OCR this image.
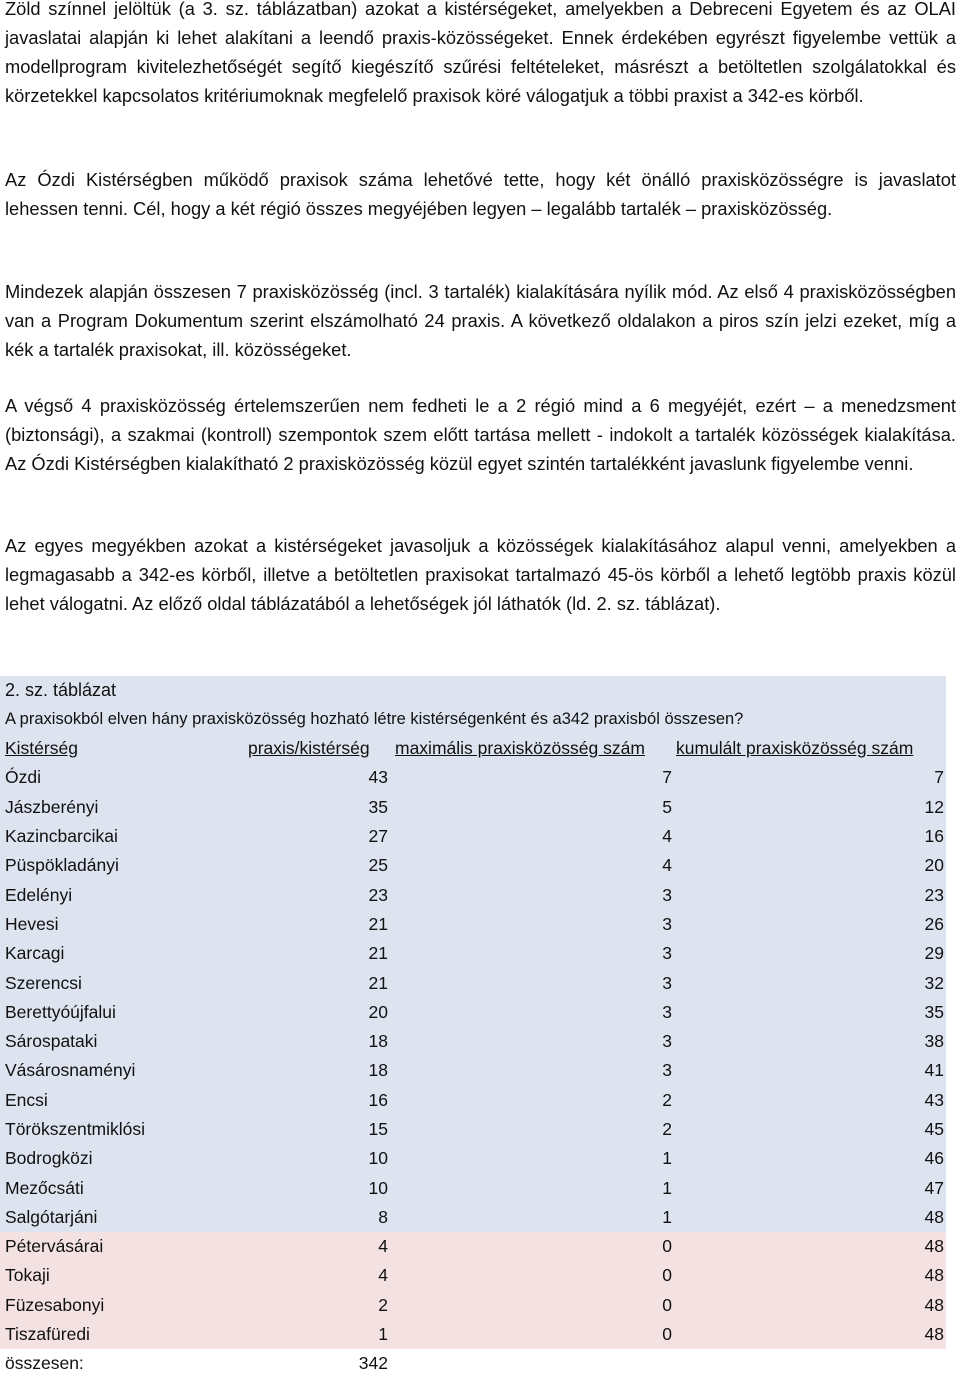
Zöld színnel jelöltük (a 3. sz. táblázatban) azokat a kistérségeket, amelyekben a Debreceni Egyetem és az OLAI javaslatai alapján ki lehet alakítani a leendő praxis-közösségeket. Ennek érdekében egyrészt figyelembe vettük a modellprogram kivitelezhetőségét segítő kiegészítő szűrési feltételeket, másrészt a betöltetlen szolgálatokkal és körzetekkel kapcsolatos kritériumoknak megfelelő praxisok köré válogatjuk a többi praxist a 342-es körből.

Az Ózdi Kistérségben működő praxisok száma lehetővé tette, hogy két önálló praxisközösségre is javaslatot lehessen tenni. Cél, hogy a két régió összes megyéjében legyen – legalább tartalék – praxisközösség.

Mindezek alapján összesen 7 praxisközösség (incl. 3 tartalék) kialakítására nyílik mód. Az első 4 praxisközösségben van a Program Dokumentum szerint elszámolható 24 praxis. A következő oldalakon a piros szín jelzi ezeket, míg a kék a tartalék praxisokat, ill. közösségeket.

A végső 4 praxisközösség értelemszerűen nem fedheti le a 2 régió mind a 6 megyéjét, ezért – a menedzsment (biztonsági), a szakmai (kontroll) szempontok szem előtt tartása mellett - indokolt a tartalék közösségek kialakítása. Az Ózdi Kistérségben kialakítható 2 praxisközösség közül egyet szintén tartalékként javaslunk figyelembe venni.

Az egyes megyékben azokat a kistérségeket javasoljuk a közösségek kialakításához alapul venni, amelyekben a legmagasabb a 342-es körből, illetve a betöltetlen praxisokat tartalmazó 45-ös körből a lehető legtöbb praxis közül lehet válogatni. Az előző oldal táblázatából a lehetőségek jól láthatók (ld. 2. sz. táblázat).

2. sz. táblázat
A praxisokból elven hány praxisközösség hozható létre kistérségenként és a342 praxisból összesen?
Kistérség	praxis/kistérség	maximális praxisközösség szám	kumulált praxisközösség szám
Ózdi	43	7	7
Jászberényi	35	5	12
Kazincbarcikai	27	4	16
Püspökladányi	25	4	20
Edelényi	23	3	23
Hevesi	21	3	26
Karcagi	21	3	29
Szerencsi	21	3	32
Berettyóújfalui	20	3	35
Sárospataki	18	3	38
Vásárosnaményi	18	3	41
Encsi	16	2	43
Törökszentmiklósi	15	2	45
Bodrogközi	10	1	46
Mezőcsáti	10	1	47
Salgótarjáni	8	1	48
Pétervásárai	4	0	48
Tokaji	4	0	48
Füzesabonyi	2	0	48
Tiszafüredi	1	0	48
összesen:	342		
